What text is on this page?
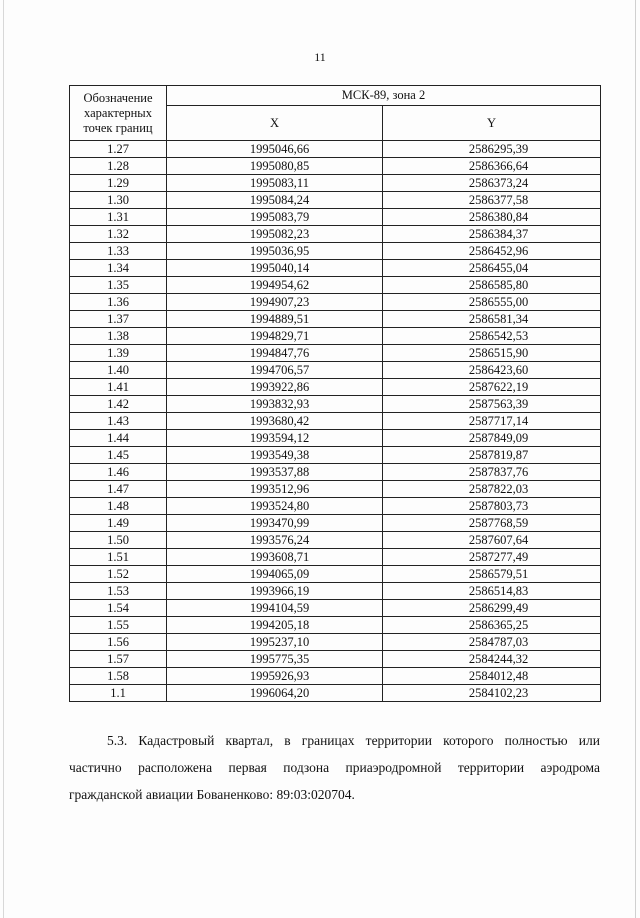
11
Обозначение характерных точек границ	МСК-89, зона 2	
	X	Y
1.27	1995046,66	2586295,39
1.28	1995080,85	2586366,64
1.29	1995083,11	2586373,24
1.30	1995084,24	2586377,58
1.31	1995083,79	2586380,84
1.32	1995082,23	2586384,37
1.33	1995036,95	2586452,96
1.34	1995040,14	2586455,04
1.35	1994954,62	2586585,80
1.36	1994907,23	2586555,00
1.37	1994889,51	2586581,34
1.38	1994829,71	2586542,53
1.39	1994847,76	2586515,90
1.40	1994706,57	2586423,60
1.41	1993922,86	2587622,19
1.42	1993832,93	2587563,39
1.43	1993680,42	2587717,14
1.44	1993594,12	2587849,09
1.45	1993549,38	2587819,87
1.46	1993537,88	2587837,76
1.47	1993512,96	2587822,03
1.48	1993524,80	2587803,73
1.49	1993470,99	2587768,59
1.50	1993576,24	2587607,64
1.51	1993608,71	2587277,49
1.52	1994065,09	2586579,51
1.53	1993966,19	2586514,83
1.54	1994104,59	2586299,49
1.55	1994205,18	2586365,25
1.56	1995237,10	2584787,03
1.57	1995775,35	2584244,32
1.58	1995926,93	2584012,48
1.1	1996064,20	2584102,23
5.3. Кадастровый квартал, в границах территории которого полностью или
частично расположена первая подзона приаэродромной территории аэродрома
гражданской авиации Бованенково: 89:03:020704.
